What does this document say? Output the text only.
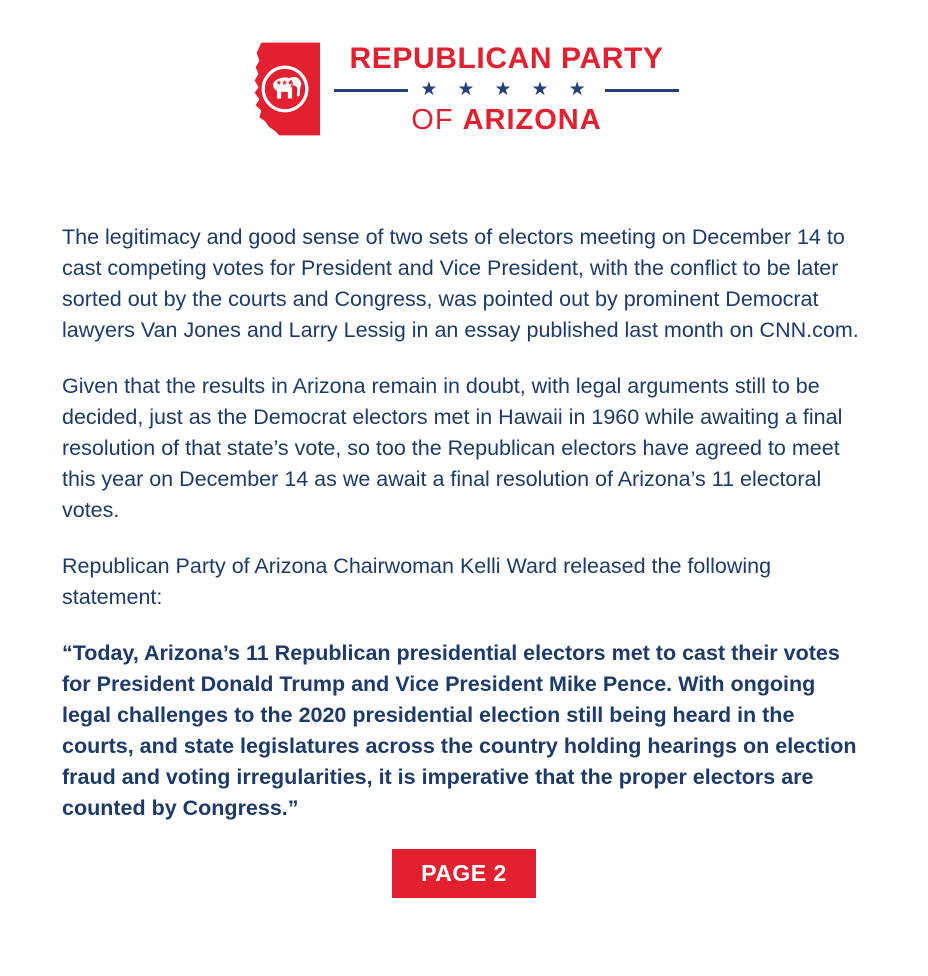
REPUBLICAN PARTY
★ ★ ★ ★ ★
OF ARIZONA

The legitimacy and good sense of two sets of electors meeting on December 14 to cast competing votes for President and Vice President, with the conflict to be later sorted out by the courts and Congress, was pointed out by prominent Democrat lawyers Van Jones and Larry Lessig in an essay published last month on CNN.com.

Given that the results in Arizona remain in doubt, with legal arguments still to be decided, just as the Democrat electors met in Hawaii in 1960 while awaiting a final resolution of that state’s vote, so too the Republican electors have agreed to meet this year on December 14 as we await a final resolution of Arizona’s 11 electoral votes.

Republican Party of Arizona Chairwoman Kelli Ward released the following statement:

“Today, Arizona’s 11 Republican presidential electors met to cast their votes for President Donald Trump and Vice President Mike Pence. With ongoing legal challenges to the 2020 presidential election still being heard in the courts, and state legislatures across the country holding hearings on election fraud and voting irregularities, it is imperative that the proper electors are counted by Congress.”

PAGE 2
